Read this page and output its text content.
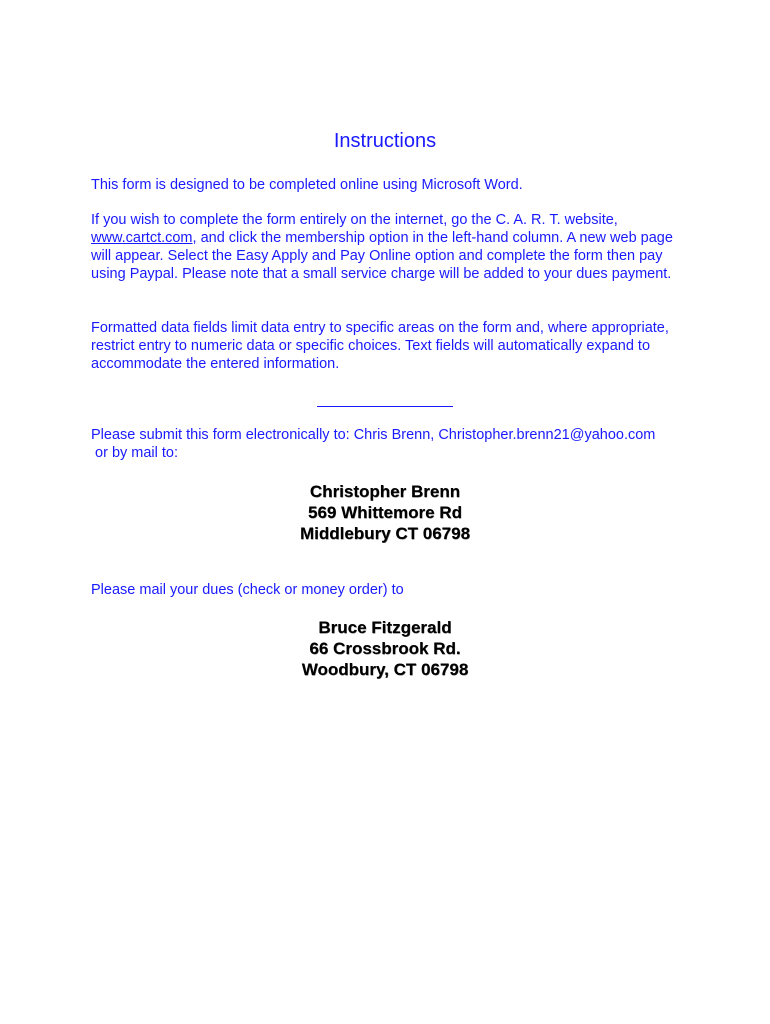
Instructions

This form is designed to be completed online using Microsoft Word.

If you wish to complete the form entirely on the internet, go the C. A. R. T. website, www.cartct.com, and click the membership option in the left-hand column. A new web page will appear. Select the Easy Apply and Pay Online option and complete the form then pay using Paypal. Please note that a small service charge will be added to your dues payment.

Formatted data fields limit data entry to specific areas on the form and, where appropriate, restrict entry to numeric data or specific choices. Text fields will automatically expand to accommodate the entered information.

Please submit this form electronically to: Chris Brenn, Christopher.brenn21@yahoo.com
or by mail to:
Christopher Brenn
569 Whittemore Rd
Middlebury CT 06798

Please mail your dues (check or money order) to

Bruce Fitzgerald
66 Crossbrook Rd.
Woodbury, CT 06798
